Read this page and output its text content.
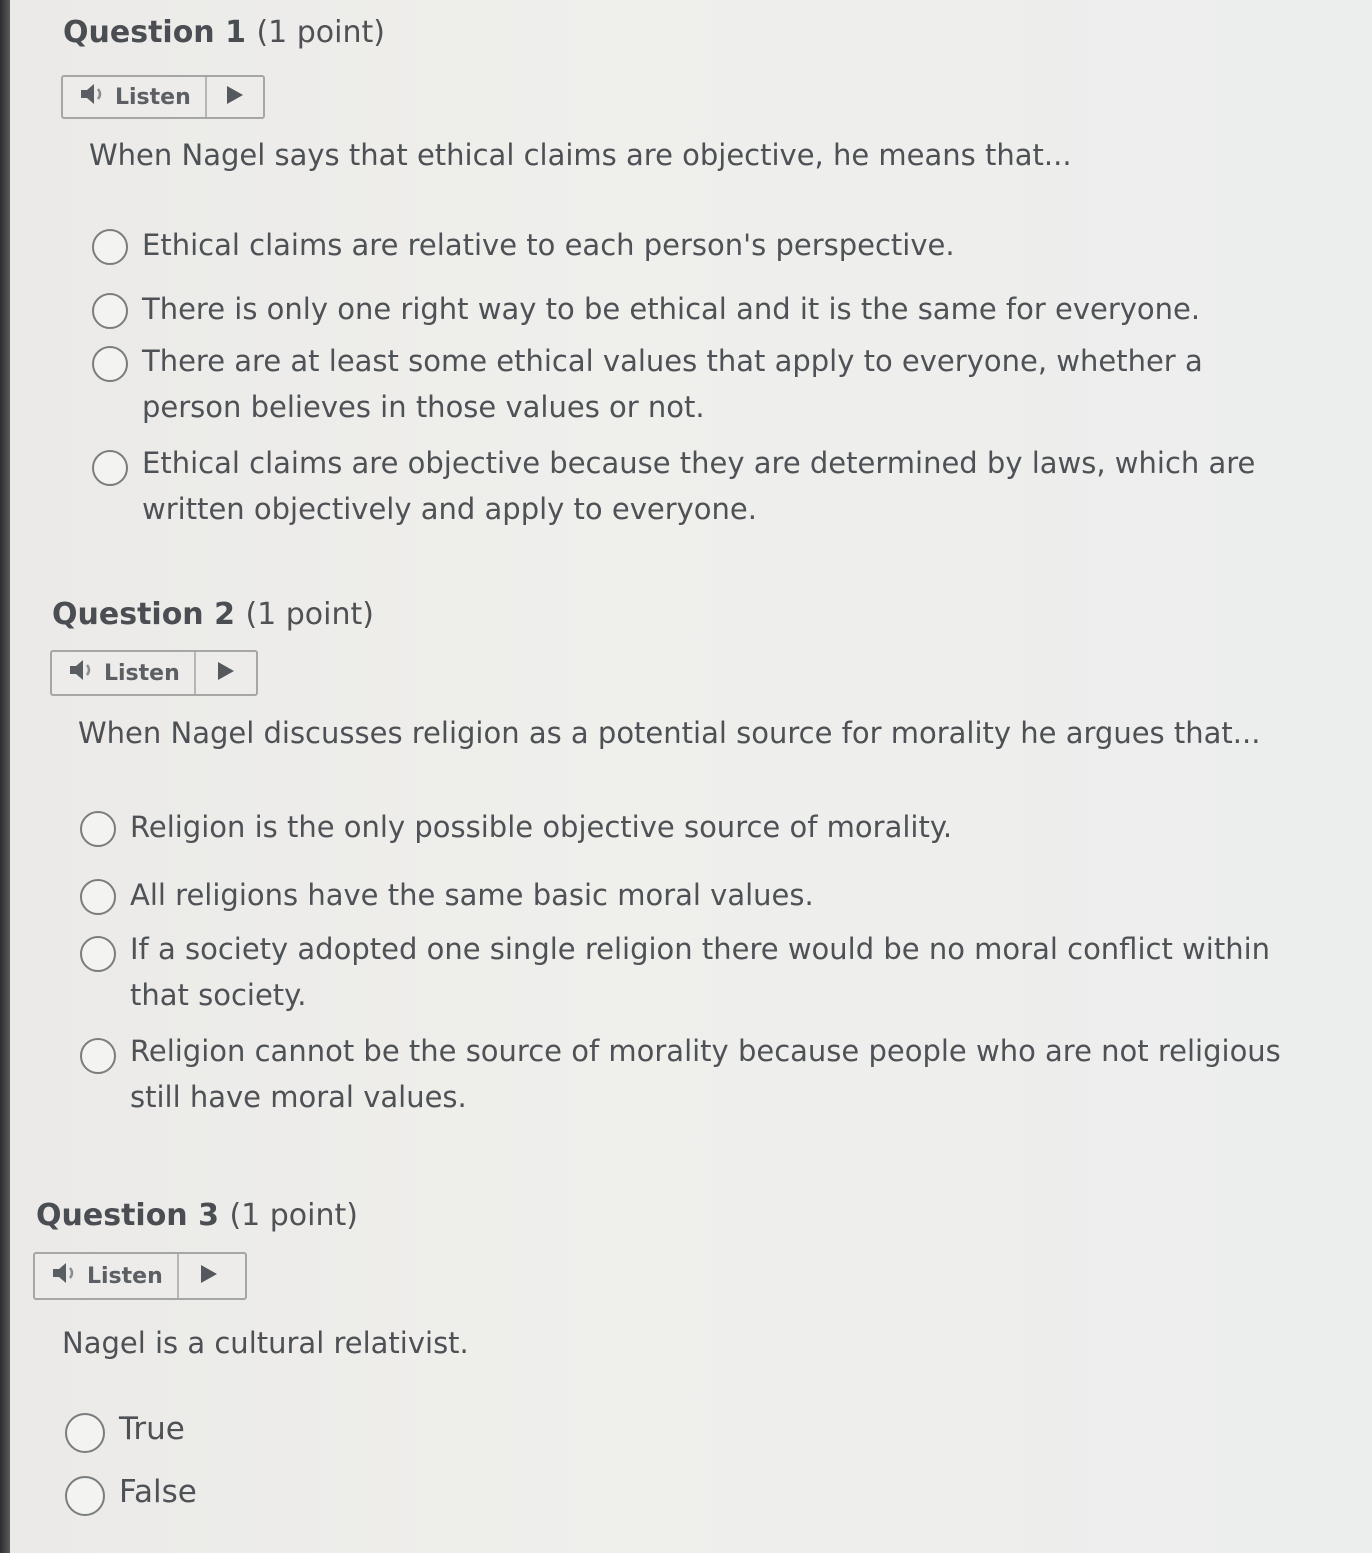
Question 1 (1 point)
Listen
When Nagel says that ethical claims are objective, he means that...
Ethical claims are relative to each person's perspective.
There is only one right way to be ethical and it is the same for everyone.
There are at least some ethical values that apply to everyone, whether a person believes in those values or not.
Ethical claims are objective because they are determined by laws, which are written objectively and apply to everyone.
Question 2 (1 point)
Listen
When Nagel discusses religion as a potential source for morality he argues that...
Religion is the only possible objective source of morality.
All religions have the same basic moral values.
If a society adopted one single religion there would be no moral conflict within that society.
Religion cannot be the source of morality because people who are not religious still have moral values.
Question 3 (1 point)
Listen
Nagel is a cultural relativist.
True
False
